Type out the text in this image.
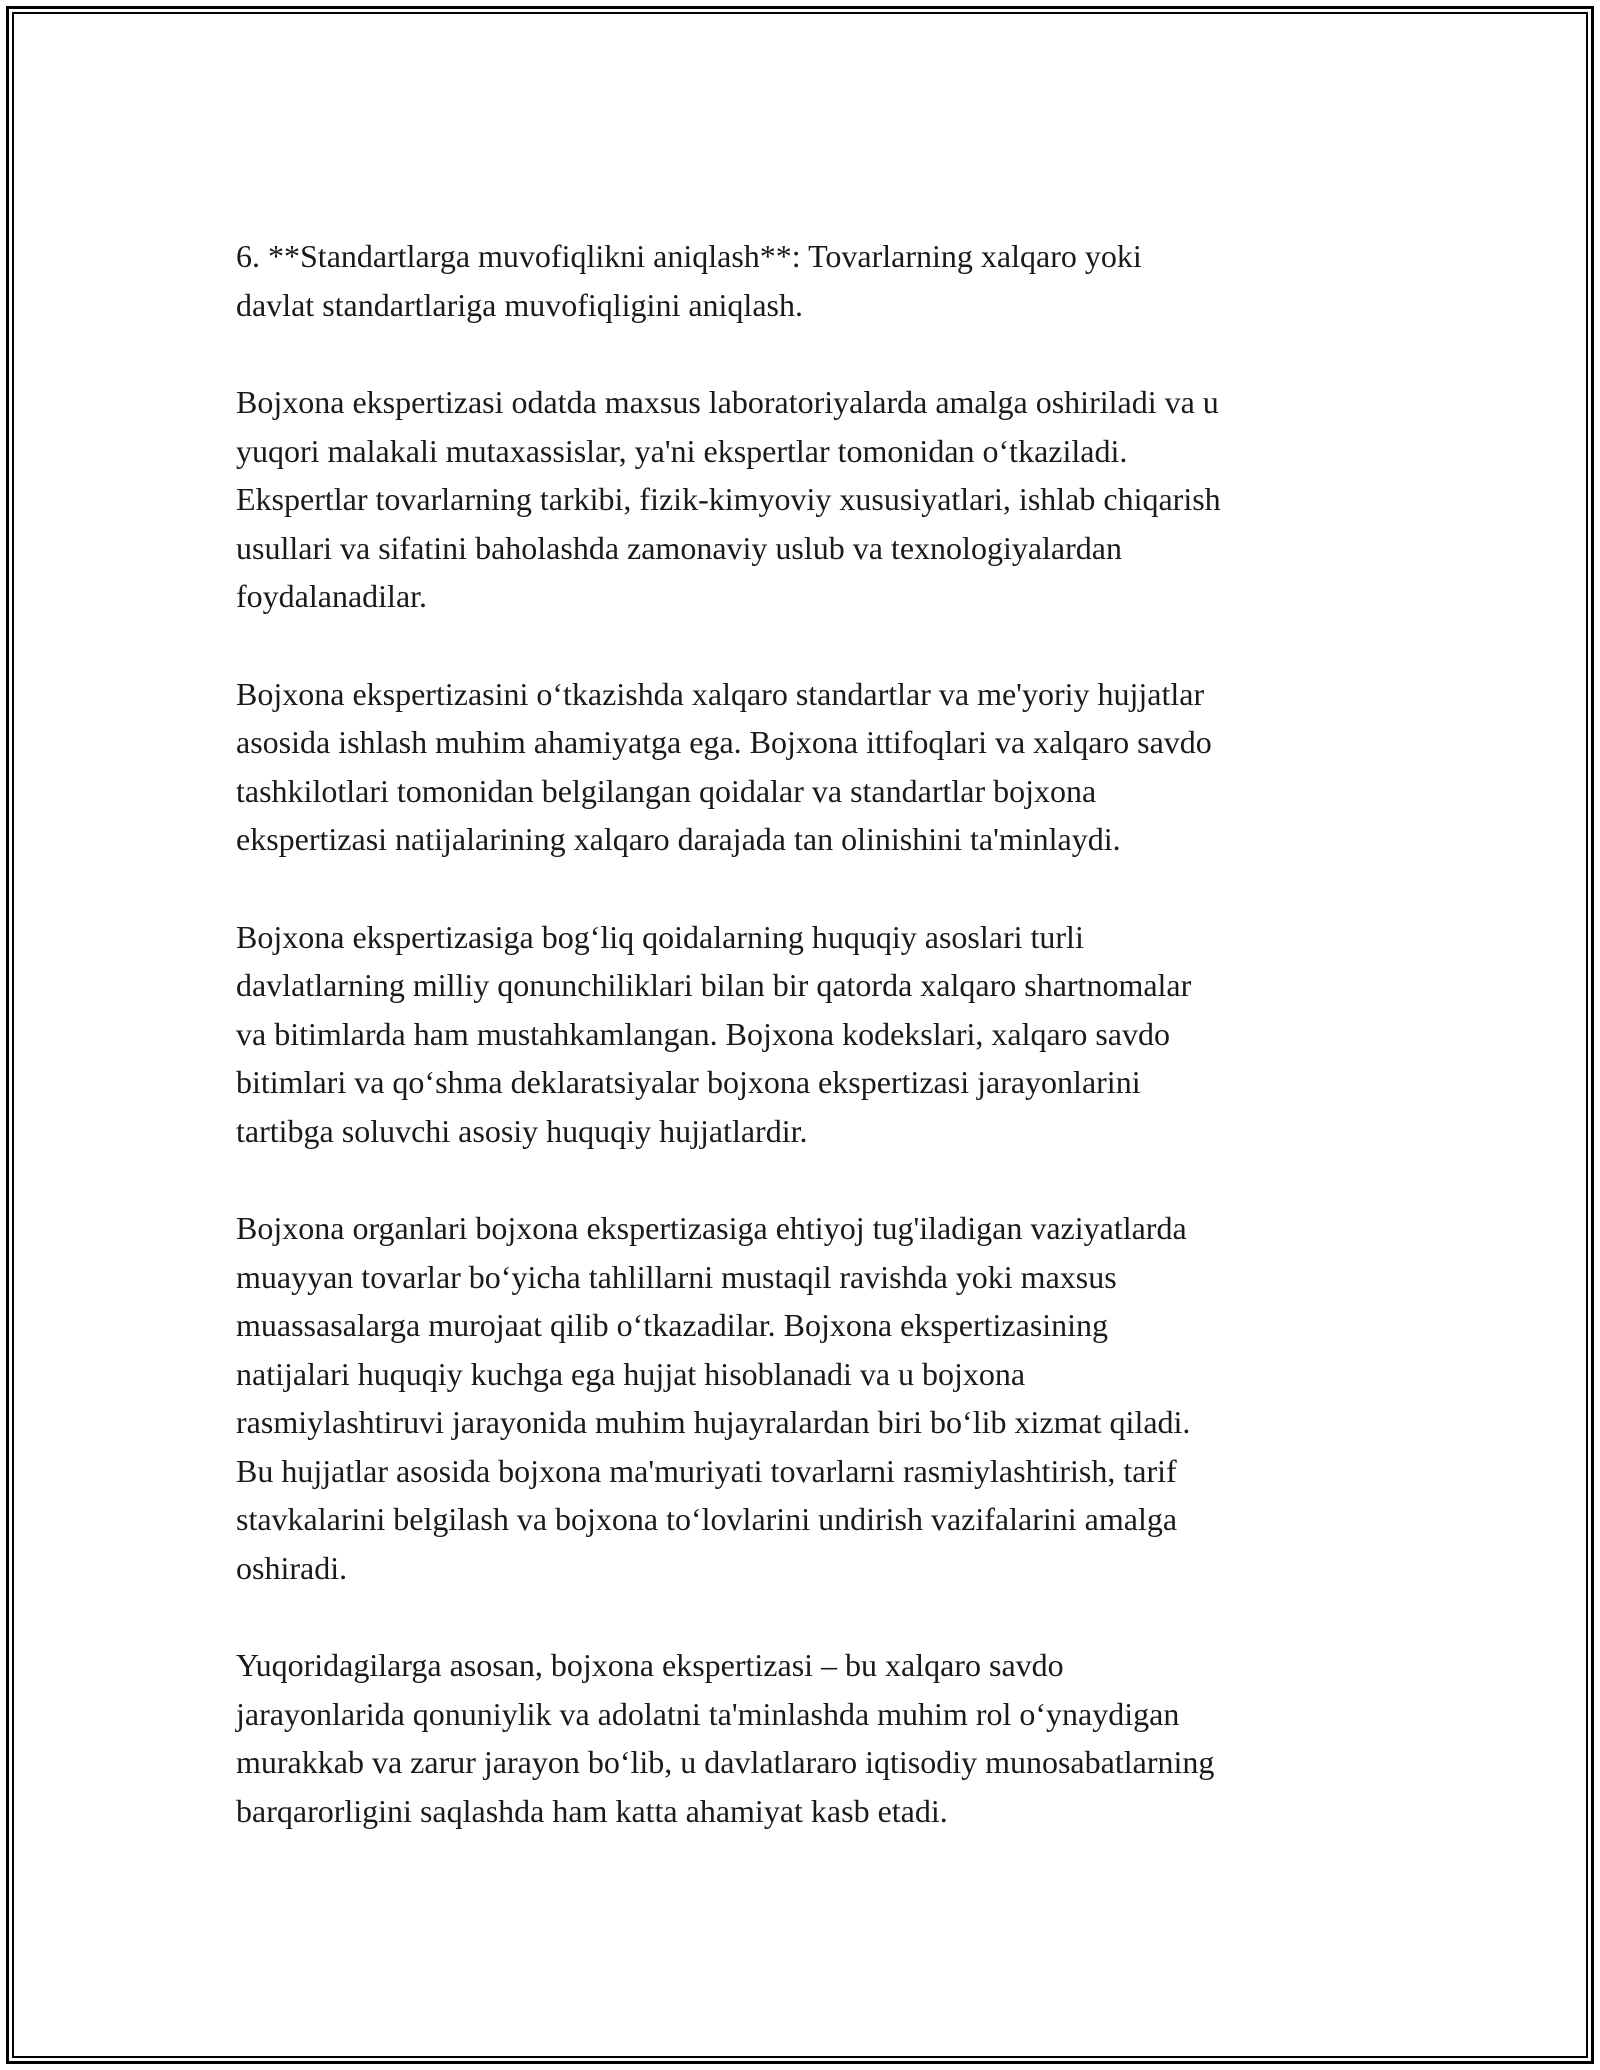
6. **Standartlarga muvofiqlikni aniqlash**: Tovarlarning xalqaro yoki
davlat standartlariga muvofiqligini aniqlash.

Bojxona ekspertizasi odatda maxsus laboratoriyalarda amalga oshiriladi va u
yuqori malakali mutaxassislar, ya'ni ekspertlar tomonidan o‘tkaziladi.
Ekspertlar tovarlarning tarkibi, fizik-kimyoviy xususiyatlari, ishlab chiqarish
usullari va sifatini baholashda zamonaviy uslub va texnologiyalardan
foydalanadilar.

Bojxona ekspertizasini o‘tkazishda xalqaro standartlar va me'yoriy hujjatlar
asosida ishlash muhim ahamiyatga ega. Bojxona ittifoqlari va xalqaro savdo
tashkilotlari tomonidan belgilangan qoidalar va standartlar bojxona
ekspertizasi natijalarining xalqaro darajada tan olinishini ta'minlaydi.

Bojxona ekspertizasiga bog‘liq qoidalarning huquqiy asoslari turli
davlatlarning milliy qonunchiliklari bilan bir qatorda xalqaro shartnomalar
va bitimlarda ham mustahkamlangan. Bojxona kodekslari, xalqaro savdo
bitimlari va qo‘shma deklaratsiyalar bojxona ekspertizasi jarayonlarini
tartibga soluvchi asosiy huquqiy hujjatlardir.

Bojxona organlari bojxona ekspertizasiga ehtiyoj tug'iladigan vaziyatlarda
muayyan tovarlar bo‘yicha tahlillarni mustaqil ravishda yoki maxsus
muassasalarga murojaat qilib o‘tkazadilar. Bojxona ekspertizasining
natijalari huquqiy kuchga ega hujjat hisoblanadi va u bojxona
rasmiylashtiruvi jarayonida muhim hujayralardan biri bo‘lib xizmat qiladi.
Bu hujjatlar asosida bojxona ma'muriyati tovarlarni rasmiylashtirish, tarif
stavkalarini belgilash va bojxona to‘lovlarini undirish vazifalarini amalga
oshiradi.

Yuqoridagilarga asosan, bojxona ekspertizasi – bu xalqaro savdo
jarayonlarida qonuniylik va adolatni ta'minlashda muhim rol o‘ynaydigan
murakkab va zarur jarayon bo‘lib, u davlatlararo iqtisodiy munosabatlarning
barqarorligini saqlashda ham katta ahamiyat kasb etadi.
